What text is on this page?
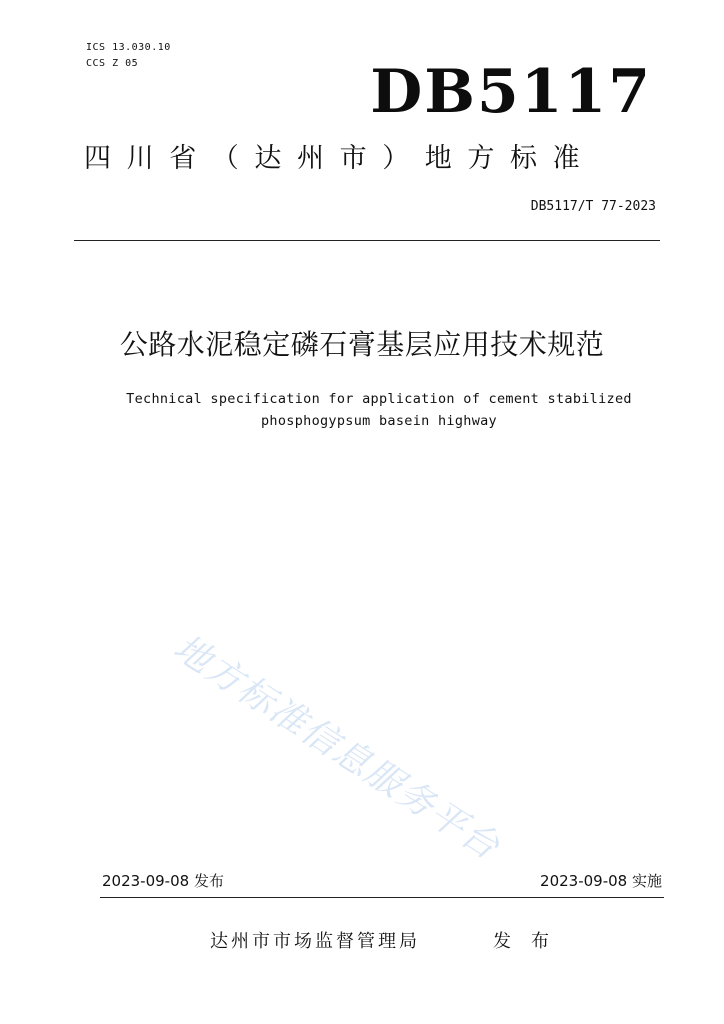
ICS 13.030.10
CCS Z 05	DB5117
四川省（达州市）地方标准
DB5117/T 77-2023
公路水泥稳定磷石膏基层应用技术规范
Technical specification for application of cement stabilized
phosphogypsum basein highway
地方标准信息服务平台
2023-09-08 发布	2023-09-08 实施
达州市市场监督管理局	发布
